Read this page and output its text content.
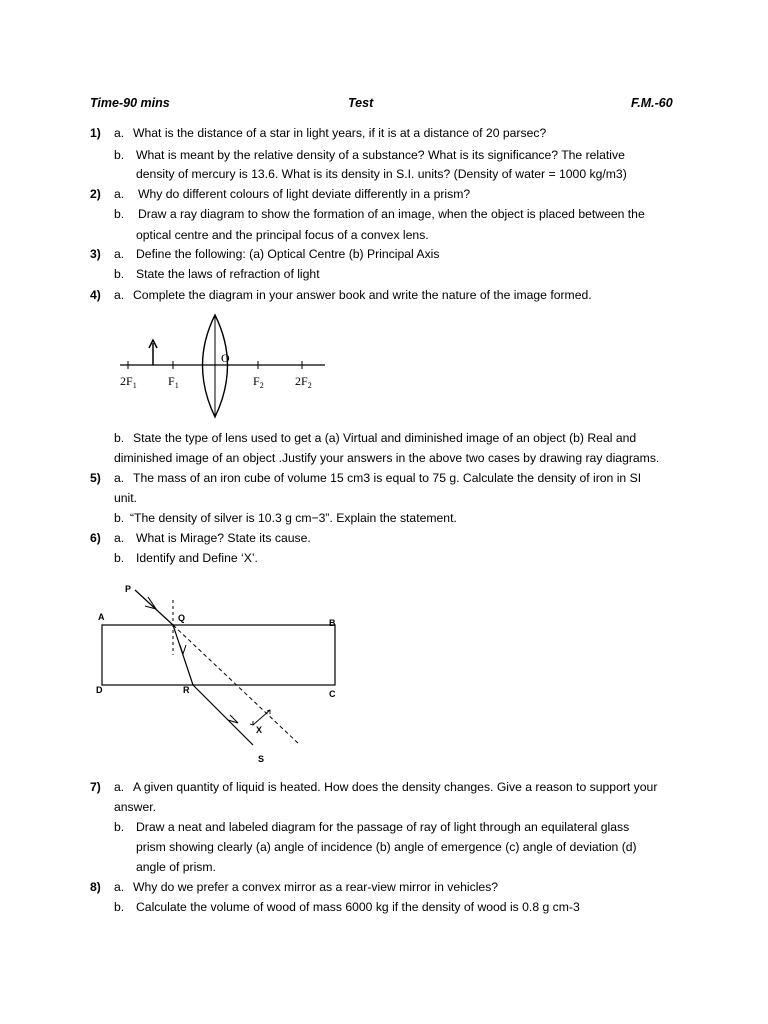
Time-90 mins	Test	F.M.-60
1) a. What is the distance of a star in light years, if it is at a distance of 20 parsec?
b. What is meant by the relative density of a substance? What is its significance? The relative
density of mercury is 13.6. What is its density in S.I. units? (Density of water = 1000 kg/m3)
2) a. Why do different colours of light deviate differently in a prism?
b. Draw a ray diagram to show the formation of an image, when the object is placed between the
optical centre and the principal focus of a convex lens.
3) a. Define the following: (a) Optical Centre (b) Principal Axis
b. State the laws of refraction of light
4) a. Complete the diagram in your answer book and write the nature of the image formed.
O
$2F_1$	$F_1$	$F_2$	$2F_2$
b. State the type of lens used to get a (a) Virtual and diminished image of an object (b) Real and
diminished image of an object .Justify your answers in the above two cases by drawing ray diagrams.
5) a. The mass of an iron cube of volume 15 cm3 is equal to 75 g. Calculate the density of iron in SI
unit.
b. “The density of silver is 10.3 g cm−3”. Explain the statement.
6) a. What is Mirage? State its cause.
b. Identify and Define ‘X’.
P
Q
A
B
C
D	R
X
S
7) a. A given quantity of liquid is heated. How does the density changes. Give a reason to support your
answer.
b. Draw a neat and labeled diagram for the passage of ray of light through an equilateral glass
prism showing clearly (a) angle of incidence (b) angle of emergence (c) angle of deviation (d)
angle of prism.
8) a. Why do we prefer a convex mirror as a rear-view mirror in vehicles?
b. Calculate the volume of wood of mass 6000 kg if the density of wood is 0.8 g cm-3
